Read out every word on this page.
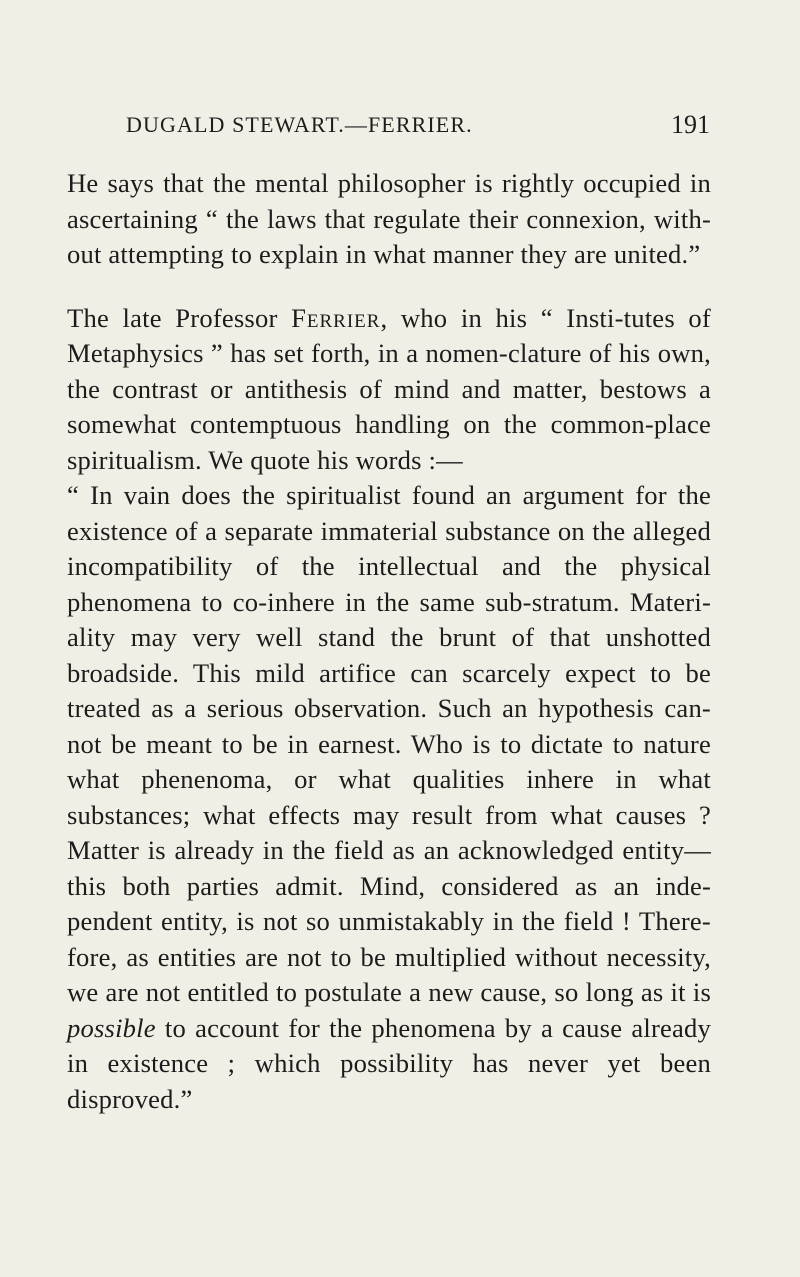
DUGALD STEWART.—FERRIER.	191

He says that the mental philosopher is rightly occupied in ascertaining “ the laws that regulate their connexion, with-out attempting to explain in what manner they are united.”

The late Professor Ferrier, who in his “ Insti-tutes of Metaphysics ” has set forth, in a nomen-clature of his own, the contrast or antithesis of mind and matter, bestows a somewhat contemptuous handling on the common-place spiritualism. We quote his words :—

“ In vain does the spiritualist found an argument for the existence of a separate immaterial substance on the alleged incompatibility of the intellectual and the physical phenomena to co-inhere in the same sub-stratum. Materi-ality may very well stand the brunt of that unshotted broadside. This mild artifice can scarcely expect to be treated as a serious observation. Such an hypothesis can-not be meant to be in earnest. Who is to dictate to nature what phenenoma, or what qualities inhere in what substances; what effects may result from what causes ? Matter is already in the field as an acknowledged entity— this both parties admit. Mind, considered as an inde-pendent entity, is not so unmistakably in the field ! There-fore, as entities are not to be multiplied without necessity, we are not entitled to postulate a new cause, so long as it is possible to account for the phenomena by a cause already in existence ; which possibility has never yet been disproved.”
